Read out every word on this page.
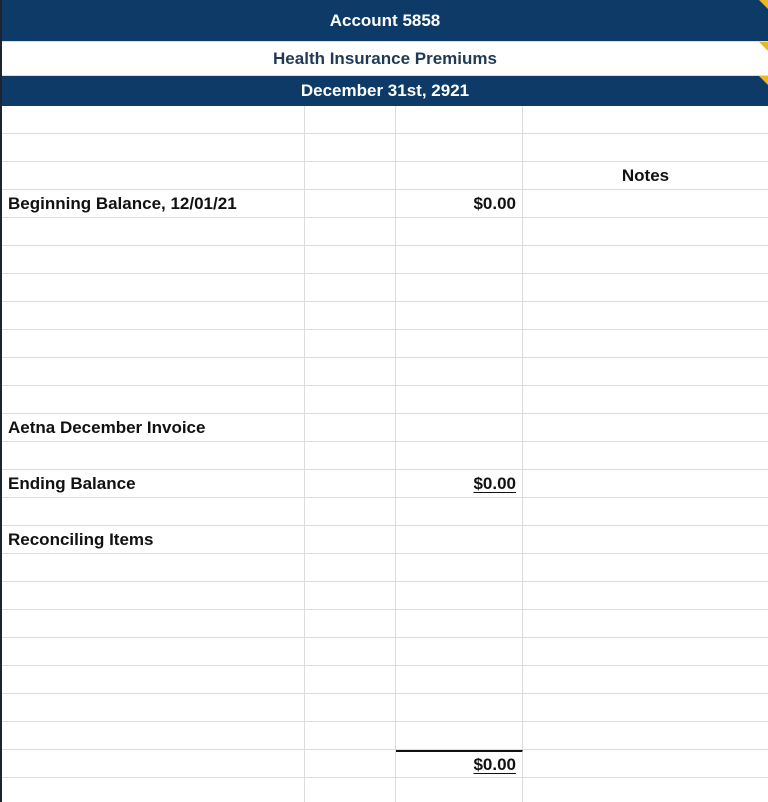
Account 5858
Health Insurance Premiums
December 31st, 2921
Notes
Beginning Balance, 12/01/21	$0.00
Aetna December Invoice
Ending Balance	$0.00
Reconciling Items
$0.00
